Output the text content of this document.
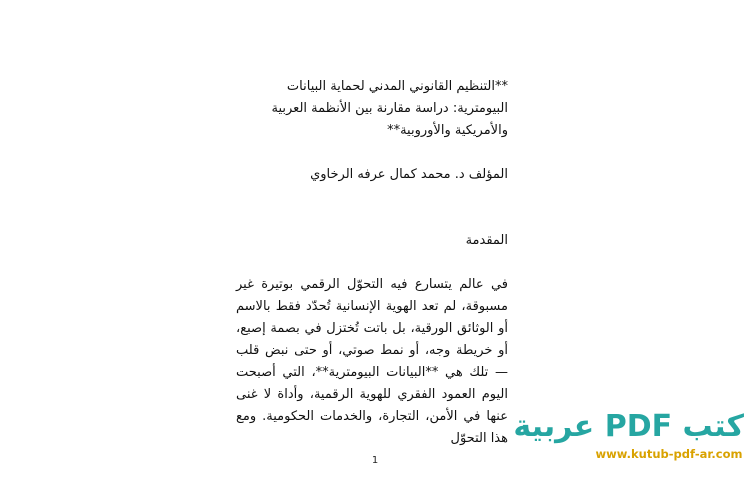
**التنظيم القانوني المدني لحماية البيانات البيومترية: دراسة مقارنة بين الأنظمة العربية والأمريكية والأوروبية**

المؤلف د. محمد كمال عرفه الرخاوي

المقدمة

في عالم يتسارع فيه التحوّل الرقمي بوتيرة غير مسبوقة، لم تعد الهوية الإنسانية تُحدّد فقط بالاسم أو الوثائق الورقية، بل باتت تُختزل في بصمة إصبع، أو خريطة وجه، أو نمط صوتي، أو حتى نبض قلب — تلك هي **البيانات البيومترية**، التي أصبحت اليوم العمود الفقري للهوية الرقمية، وأداة لا غنى عنها في الأمن، التجارة، والخدمات الحكومية. ومع هذا التحوّل

1
كتب PDF عربية
www.kutub-pdf-ar.com
